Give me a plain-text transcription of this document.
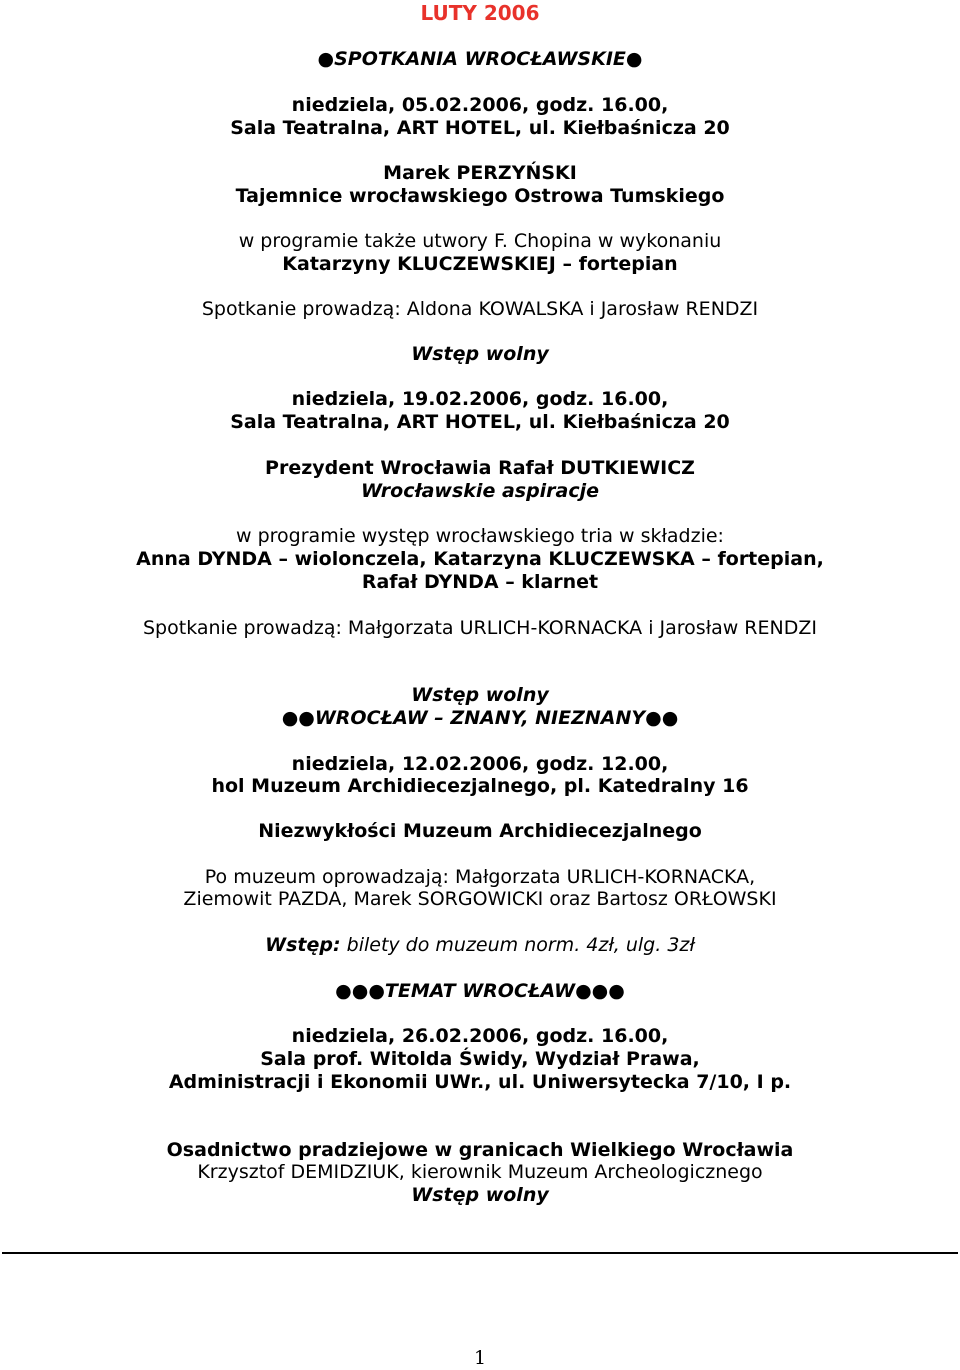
LUTY 2006
●SPOTKANIA WROCŁAWSKIE●
niedziela, 05.02.2006, godz. 16.00,
Sala Teatralna, ART HOTEL, ul. Kiełbaśnicza 20
Marek PERZYŃSKI
Tajemnice wrocławskiego Ostrowa Tumskiego
w programie także utwory F. Chopina w wykonaniu
Katarzyny KLUCZEWSKIEJ – fortepian
Spotkanie prowadzą: Aldona KOWALSKA i Jarosław RENDZI
Wstęp wolny
niedziela, 19.02.2006, godz. 16.00,
Sala Teatralna, ART HOTEL, ul. Kiełbaśnicza 20
Prezydent Wrocławia Rafał DUTKIEWICZ
Wrocławskie aspiracje
w programie występ wrocławskiego tria w składzie:
Anna DYNDA – wiolonczela, Katarzyna KLUCZEWSKA – fortepian,
Rafał DYNDA – klarnet
Spotkanie prowadzą: Małgorzata URLICH-KORNACKA i Jarosław RENDZI
Wstęp wolny
●●WROCŁAW – ZNANY, NIEZNANY●●
niedziela, 12.02.2006, godz. 12.00,
hol Muzeum Archidiecezjalnego, pl. Katedralny 16
Niezwykłości Muzeum Archidiecezjalnego
Po muzeum oprowadzają: Małgorzata URLICH-KORNACKA,
Ziemowit PAZDA, Marek SORGOWICKI oraz Bartosz ORŁOWSKI
Wstęp: bilety do muzeum norm. 4zł, ulg. 3zł
●●●TEMAT WROCŁAW●●●
niedziela, 26.02.2006, godz. 16.00,
Sala prof. Witolda Świdy, Wydział Prawa,
Administracji i Ekonomii UWr., ul. Uniwersytecka 7/10, I p.
Osadnictwo pradziejowe w granicach Wielkiego Wrocławia
Krzysztof DEMIDZIUK, kierownik Muzeum Archeologicznego
Wstęp wolny
1
